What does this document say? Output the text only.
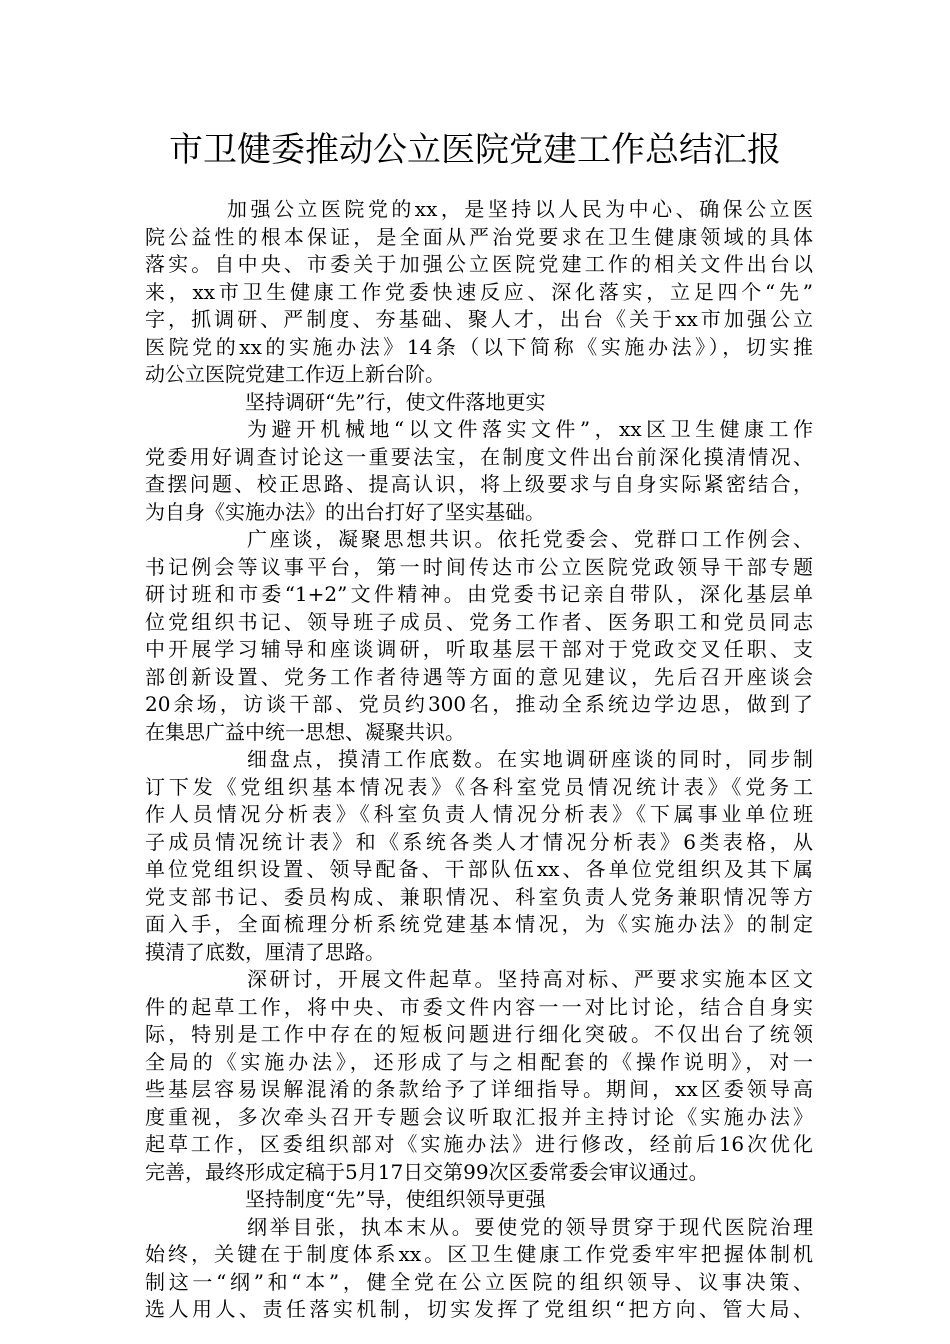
市卫健委推动公立医院党建工作总结汇报
加强公立医院党的xx，是坚持以人民为中心、确保公立医
院公益性的根本保证，是全面从严治党要求在卫生健康领域的具体
落实。自中央、市委关于加强公立医院党建工作的相关文件出台以
来，xx市卫生健康工作党委快速反应、深化落实，立足四个“先”
字，抓调研、严制度、夯基础、聚人才，出台《关于xx市加强公立
医院党的xx的实施办法》14条（以下简称《实施办法》），切实推
动公立医院党建工作迈上新台阶。
坚持调研“先”行，使文件落地更实
为避开机械地“以文件落实文件”，xx区卫生健康工作
党委用好调查讨论这一重要法宝，在制度文件出台前深化摸清情况、
查摆问题、校正思路、提高认识，将上级要求与自身实际紧密结合，
为自身《实施办法》的出台打好了坚实基础。
广座谈，凝聚思想共识。依托党委会、党群口工作例会、
书记例会等议事平台，第一时间传达市公立医院党政领导干部专题
研讨班和市委“1+2”文件精神。由党委书记亲自带队，深化基层单
位党组织书记、领导班子成员、党务工作者、医务职工和党员同志
中开展学习辅导和座谈调研，听取基层干部对于党政交叉任职、支
部创新设置、党务工作者待遇等方面的意见建议，先后召开座谈会
20余场，访谈干部、党员约300名，推动全系统边学边思，做到了
在集思广益中统一思想、凝聚共识。
细盘点，摸清工作底数。在实地调研座谈的同时，同步制
订下发《党组织基本情况表》《各科室党员情况统计表》《党务工
作人员情况分析表》《科室负责人情况分析表》《下属事业单位班
子成员情况统计表》和《系统各类人才情况分析表》6类表格，从
单位党组织设置、领导配备、干部队伍xx、各单位党组织及其下属
党支部书记、委员构成、兼职情况、科室负责人党务兼职情况等方
面入手，全面梳理分析系统党建基本情况，为《实施办法》的制定
摸清了底数，厘清了思路。
深研讨，开展文件起草。坚持高对标、严要求实施本区文
件的起草工作，将中央、市委文件内容一一对比讨论，结合自身实
际，特别是工作中存在的短板问题进行细化突破。不仅出台了统领
全局的《实施办法》，还形成了与之相配套的《操作说明》，对一
些基层容易误解混淆的条款给予了详细指导。期间，xx区委领导高
度重视，多次牵头召开专题会议听取汇报并主持讨论《实施办法》
起草工作，区委组织部对《实施办法》进行修改，经前后16次优化
完善，最终形成定稿于5月17日交第99次区委常委会审议通过。
坚持制度“先”导，使组织领导更强
纲举目张，执本末从。要使党的领导贯穿于现代医院治理
始终，关键在于制度体系xx。区卫生健康工作党委牢牢把握体制机
制这一“纲”和“本”，健全党在公立医院的组织领导、议事决策、
选人用人、责任落实机制，切实发挥了党组织“把方向、管大局、
